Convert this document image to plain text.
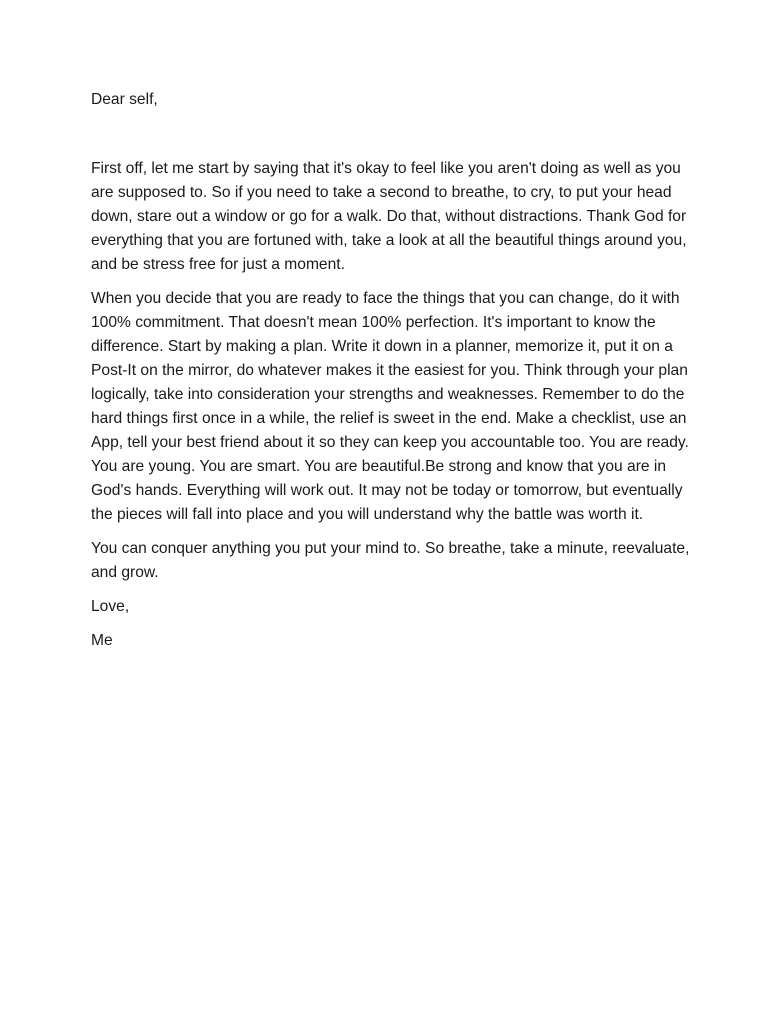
Dear self,

First off, let me start by saying that it's okay to feel like you aren't doing as well as you are supposed to. So if you need to take a second to breathe, to cry, to put your head down, stare out a window or go for a walk. Do that, without distractions. Thank God for everything that you are fortuned with, take a look at all the beautiful things around you, and be stress free for just a moment.

When you decide that you are ready to face the things that you can change, do it with 100% commitment. That doesn't mean 100% perfection. It's important to know the difference. Start by making a plan. Write it down in a planner, memorize it, put it on a Post-It on the mirror, do whatever makes it the easiest for you. Think through your plan logically, take into consideration your strengths and weaknesses. Remember to do the hard things first once in a while, the relief is sweet in the end. Make a checklist, use an App, tell your best friend about it so they can keep you accountable too. You are ready. You are young. You are smart. You are beautiful.Be strong and know that you are in God's hands. Everything will work out. It may not be today or tomorrow, but eventually the pieces will fall into place and you will understand why the battle was worth it.

You can conquer anything you put your mind to. So breathe, take a minute, reevaluate, and grow.

Love,

Me
